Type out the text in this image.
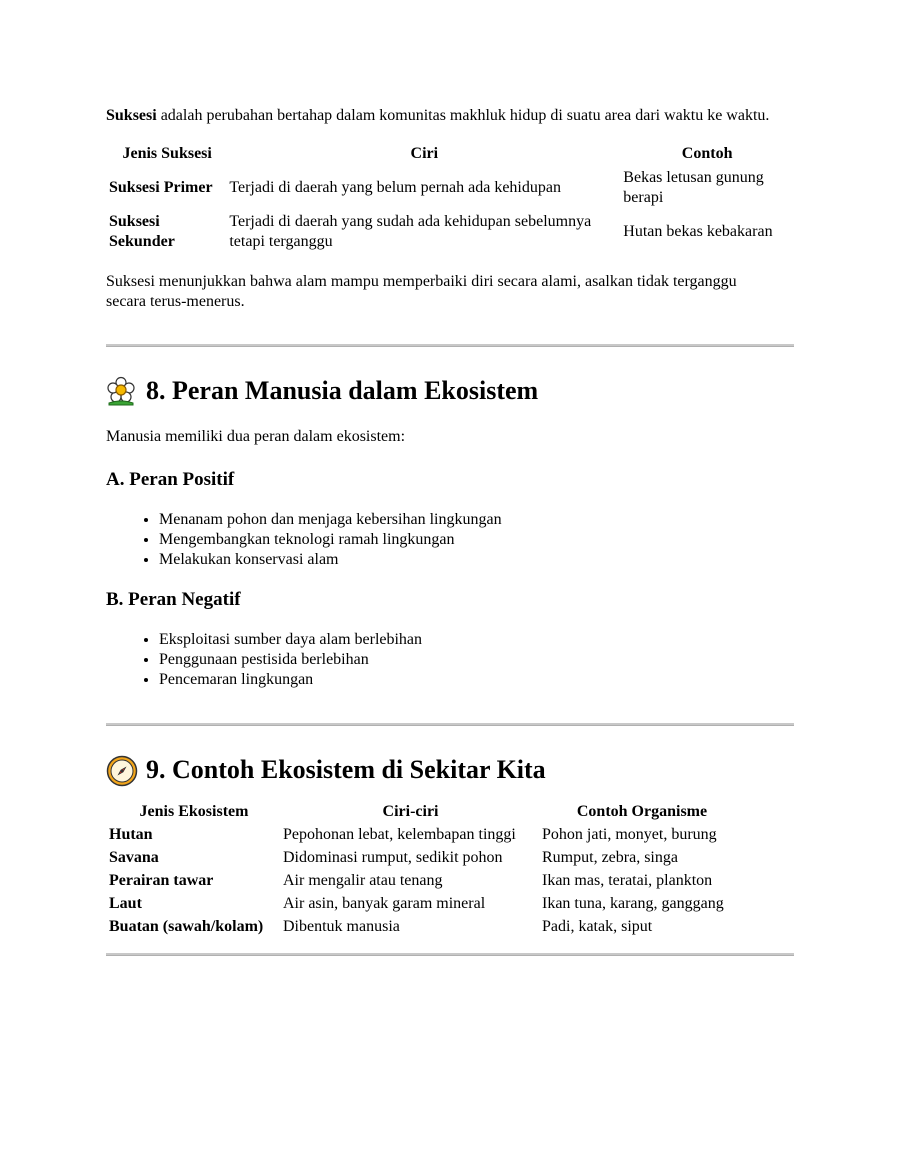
Suksesi adalah perubahan bertahap dalam komunitas makhluk hidup di suatu area dari waktu ke waktu.

Jenis Suksesi	Ciri	Contoh
Suksesi Primer	Terjadi di daerah yang belum pernah ada kehidupan	Bekas letusan gunung berapi
Suksesi Sekunder	Terjadi di daerah yang sudah ada kehidupan sebelumnya tetapi terganggu	Hutan bekas kebakaran

Suksesi menunjukkan bahwa alam mampu memperbaiki diri secara alami, asalkan tidak terganggu secara terus-menerus.

8. Peran Manusia dalam Ekosistem

Manusia memiliki dua peran dalam ekosistem:

A. Peran Positif
• Menanam pohon dan menjaga kebersihan lingkungan
• Mengembangkan teknologi ramah lingkungan
• Melakukan konservasi alam
B. Peran Negatif
• Eksploitasi sumber daya alam berlebihan
• Penggunaan pestisida berlebihan
• Pencemaran lingkungan
9. Contoh Ekosistem di Sekitar Kita
Jenis Ekosistem	Ciri-ciri	Contoh Organisme
Hutan	Pepohonan lebat, kelembapan tinggi	Pohon jati, monyet, burung
Savana	Didominasi rumput, sedikit pohon	Rumput, zebra, singa
Perairan tawar	Air mengalir atau tenang	Ikan mas, teratai, plankton
Laut	Air asin, banyak garam mineral	Ikan tuna, karang, ganggang
Buatan (sawah/kolam)	Dibentuk manusia	Padi, katak, siput
